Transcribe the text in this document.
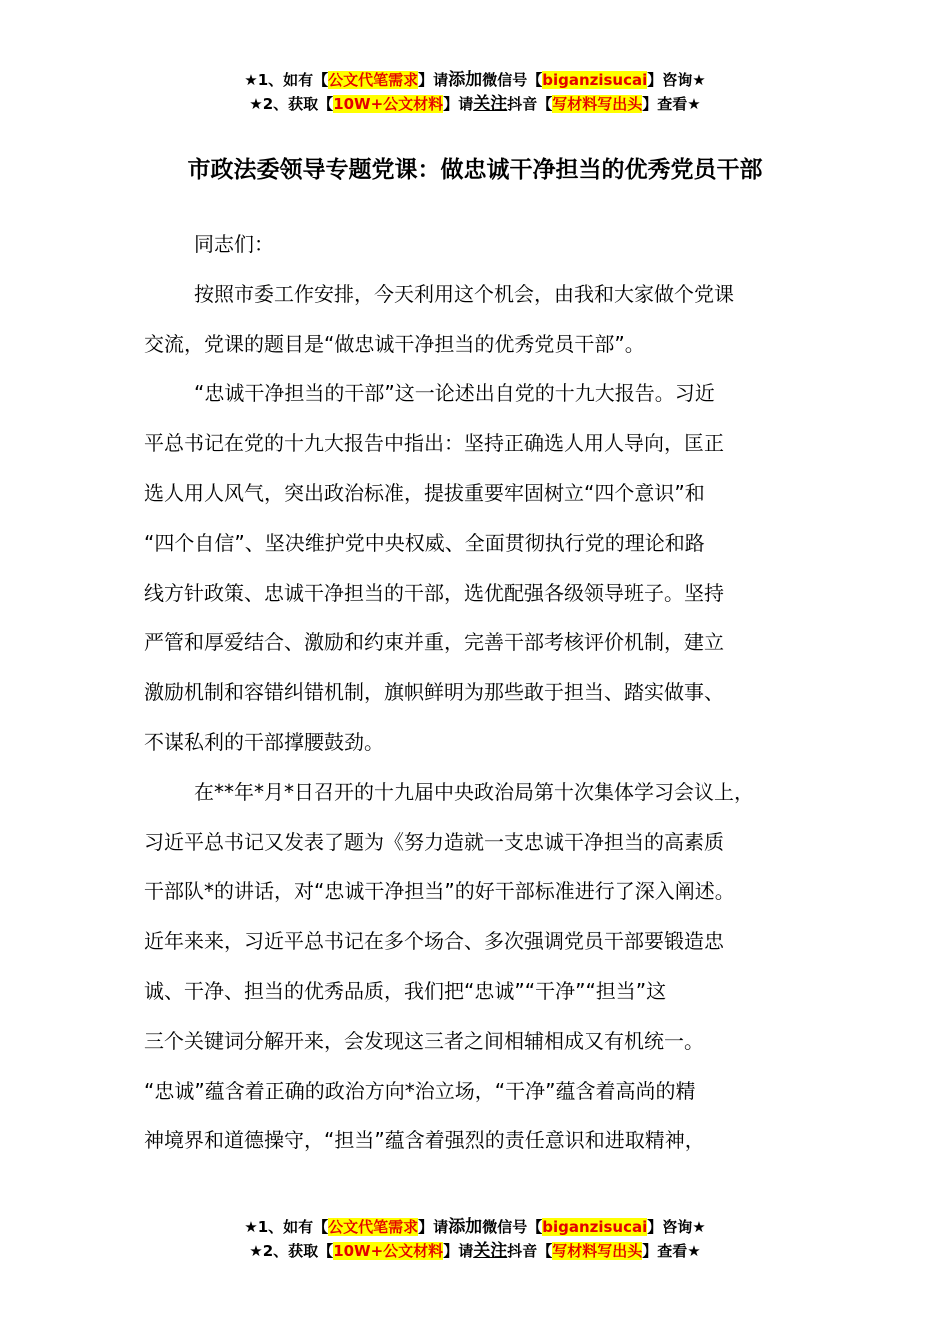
★1、如有【公文代笔需求】请添加微信号【biganzisucai】咨询★
★2、获取【10W+公文材料】请关注抖音【写材料写出头】查看★
市政法委领导专题党课：做忠诚干净担当的优秀党员干部
同志们：
按照市委工作安排，今天利用这个机会，由我和大家做个党课
交流，党课的题目是“做忠诚干净担当的优秀党员干部”。
“忠诚干净担当的干部”这一论述出自党的十九大报告。习近
平总书记在党的十九大报告中指出：坚持正确选人用人导向，匡正
选人用人风气，突出政治标准，提拔重要牢固树立“四个意识”和
“四个自信”、坚决维护党中央权威、全面贯彻执行党的理论和路
线方针政策、忠诚干净担当的干部，选优配强各级领导班子。坚持
严管和厚爱结合、激励和约束并重，完善干部考核评价机制，建立
激励机制和容错纠错机制，旗帜鲜明为那些敢于担当、踏实做事、
不谋私利的干部撑腰鼓劲。
在**年*月*日召开的十九届中央政治局第十次集体学习会议上，
习近平总书记又发表了题为《努力造就一支忠诚干净担当的高素质
干部队*的讲话，对“忠诚干净担当”的好干部标准进行了深入阐述。
近年来来，习近平总书记在多个场合、多次强调党员干部要锻造忠
诚、干净、担当的优秀品质，我们把“忠诚”“干净”“担当”这
三个关键词分解开来，会发现这三者之间相辅相成又有机统一。
“忠诚”蕴含着正确的政治方向*治立场，“干净”蕴含着高尚的精
神境界和道德操守，“担当”蕴含着强烈的责任意识和进取精神，
★1、如有【公文代笔需求】请添加微信号【biganzisucai】咨询★
★2、获取【10W+公文材料】请关注抖音【写材料写出头】查看★
